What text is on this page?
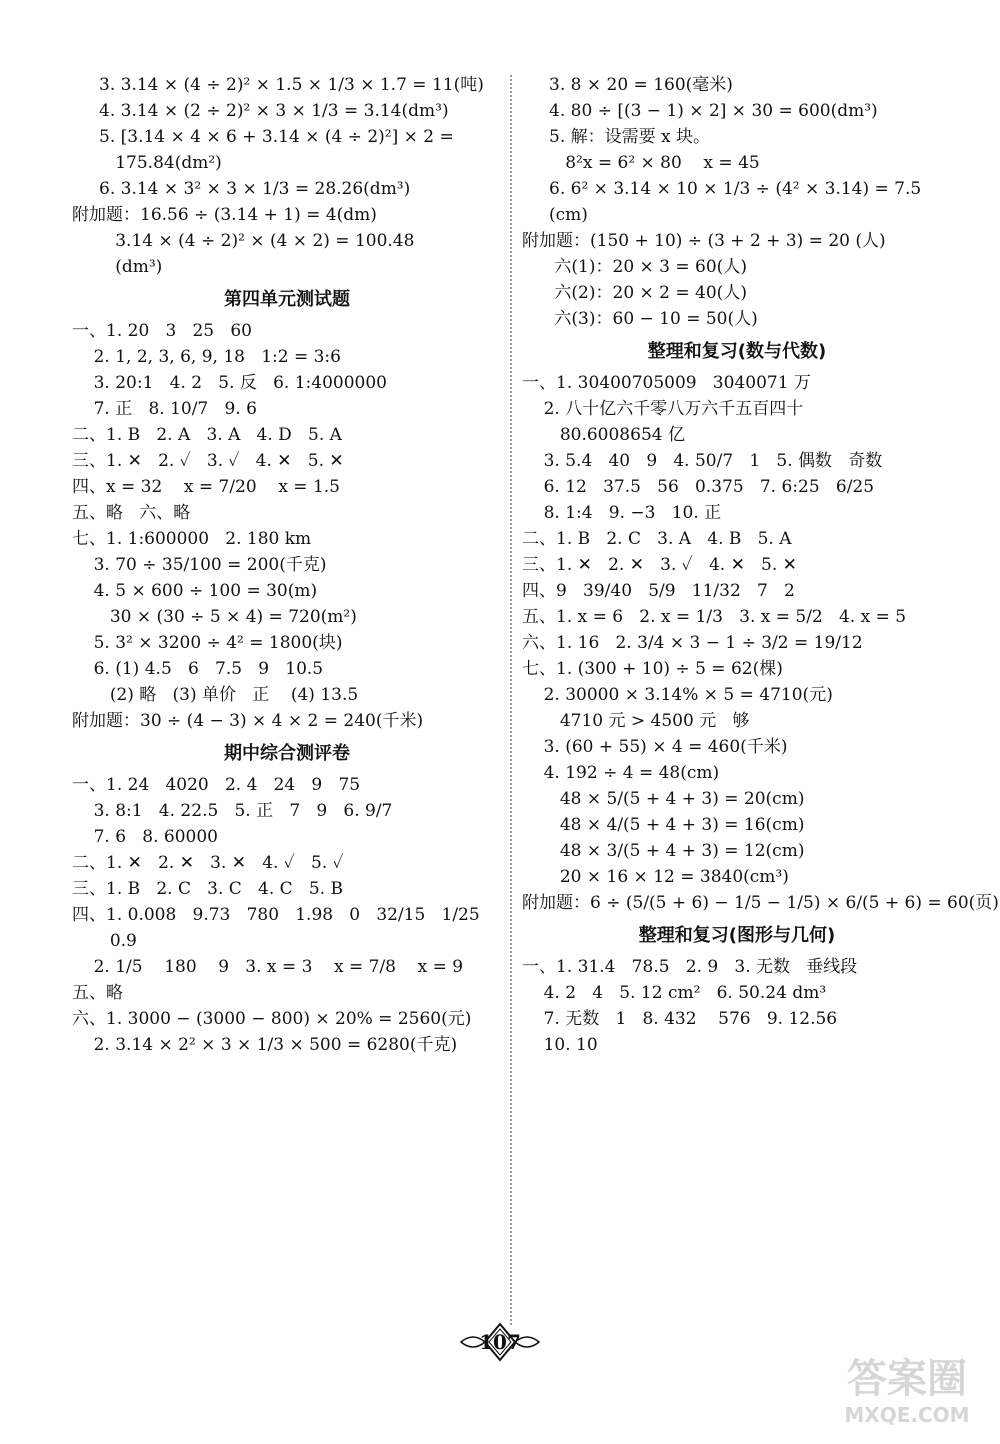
3. 3.14 × (4 ÷ 2)² × 1.5 × 1/3 × 1.7 = 11(吨)
4. 3.14 × (2 ÷ 2)² × 3 × 1/3 = 3.14(dm³)
5. [3.14 × 4 × 6 + 3.14 × (4 ÷ 2)²] × 2 =
175.84(dm²)
6. 3.14 × 3² × 3 × 1/3 = 28.26(dm³)
附加题：16.56 ÷ (3.14 + 1) = 4(dm)
3.14 × (4 ÷ 2)² × (4 × 2) = 100.48
(dm³)
第四单元测试题
一、1. 20   3   25   60
2. 1, 2, 3, 6, 9, 18   1:2 = 3:6
3. 20:1   4. 2   5. 反   6. 1:4000000
7. 正   8. 10/7   9. 6
二、1. B   2. A   3. A   4. D   5. A
三、1. ✕   2. ✓   3. ✓   4. ✕   5. ✕
四、x = 32    x = 7/20    x = 1.5
五、略   六、略
七、1. 1:600000   2. 180 km
3. 70 ÷ 35/100 = 200(千克)
4. 5 × 600 ÷ 100 = 30(m)
30 × (30 ÷ 5 × 4) = 720(m²)
5. 3² × 3200 ÷ 4² = 1800(块)
6. (1) 4.5   6   7.5   9   10.5
(2) 略   (3) 单价   正    (4) 13.5
附加题：30 ÷ (4 − 3) × 4 × 2 = 240(千米)
期中综合测评卷
一、1. 24   4020   2. 4   24   9   75
3. 8:1   4. 22.5   5. 正   7   9   6. 9/7
7. 6   8. 60000
二、1. ✕   2. ✕   3. ✕   4. ✓   5. ✓
三、1. B   2. C   3. C   4. C   5. B
四、1. 0.008   9.73   780   1.98   0   32/15   1/25
0.9
2. 1/5    180    9   3. x = 3    x = 7/8    x = 9
五、略
六、1. 3000 − (3000 − 800) × 20% = 2560(元)
2. 3.14 × 2² × 3 × 1/3 × 500 = 6280(千克)
3. 8 × 20 = 160(毫米)
4. 80 ÷ [(3 − 1) × 2] × 30 = 600(dm³)
5. 解：设需要 x 块。
8²x = 6² × 80    x = 45
6. 6² × 3.14 × 10 × 1/3 ÷ (4² × 3.14) = 7.5
(cm)
附加题：(150 + 10) ÷ (3 + 2 + 3) = 20 (人)
六(1)：20 × 3 = 60(人)
六(2)：20 × 2 = 40(人)
六(3)：60 − 10 = 50(人)
整理和复习(数与代数)
一、1. 30400705009   3040071 万
2. 八十亿六千零八万六千五百四十
80.6008654 亿
3. 5.4   40   9   4. 50/7   1   5. 偶数   奇数
6. 12   37.5   56   0.375   7. 6:25   6/25
8. 1:4   9. −3   10. 正
二、1. B   2. C   3. A   4. B   5. A
三、1. ✕   2. ✕   3. ✓   4. ✕   5. ✕
四、9   39/40   5/9   11/32   7   2
五、1. x = 6   2. x = 1/3   3. x = 5/2   4. x = 5
六、1. 16   2. 3/4 × 3 − 1 ÷ 3/2 = 19/12
七、1. (300 + 10) ÷ 5 = 62(棵)
2. 30000 × 3.14% × 5 = 4710(元)
4710 元 > 4500 元   够
3. (60 + 55) × 4 = 460(千米)
4. 192 ÷ 4 = 48(cm)
48 × 5/(5 + 4 + 3) = 20(cm)
48 × 4/(5 + 4 + 3) = 16(cm)
48 × 3/(5 + 4 + 3) = 12(cm)
20 × 16 × 12 = 3840(cm³)
附加题：6 ÷ (5/(5 + 6) − 1/5 − 1/5) × 6/(5 + 6) = 60(页)
整理和复习(图形与几何)
一、1. 31.4   78.5   2. 9   3. 无数   垂线段
4. 2   4   5. 12 cm²   6. 50.24 dm³
7. 无数   1   8. 432    576   9. 12.56
10. 10
107
答案圈
MXQE.COM
